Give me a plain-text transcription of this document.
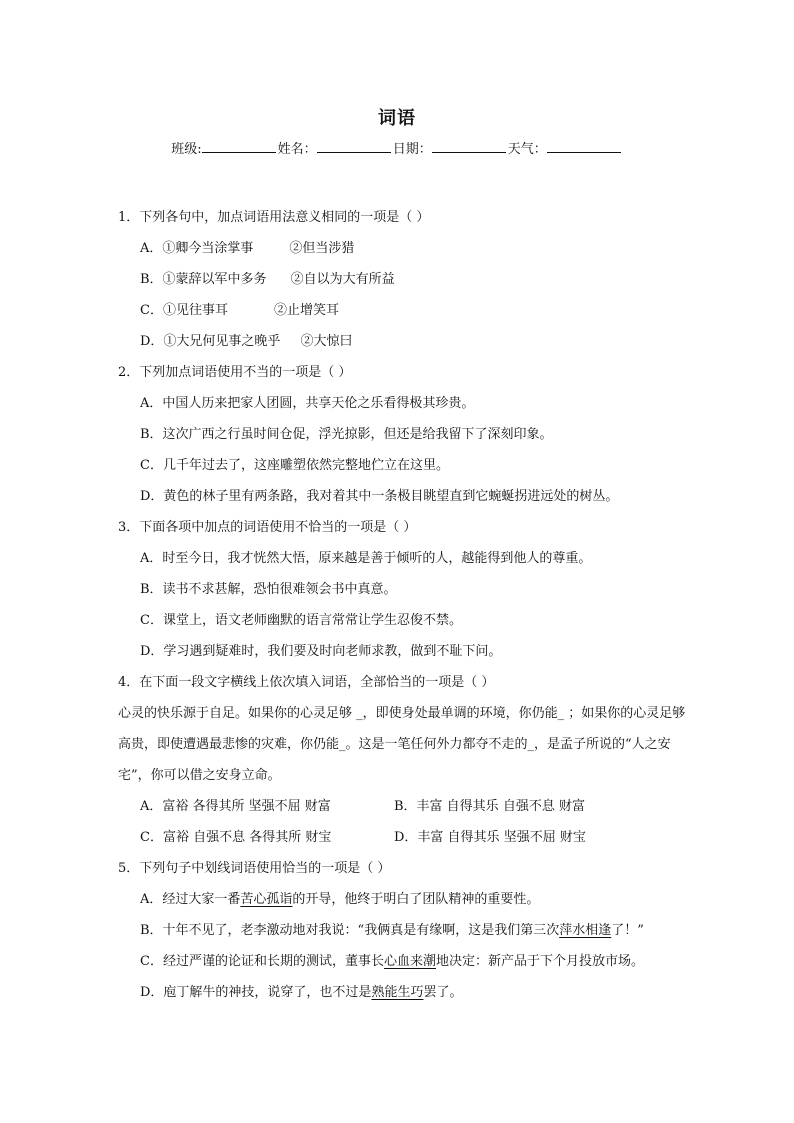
词语
班级:	姓名：	日期：	天气：
1．下列各句中，加点词语用法意义相同的一项是（ ）
A．①卿今当涂掌事	②但当涉猎
B．①蒙辞以军中多务 ②自以为大有所益
C．①见往事耳	②止增笑耳
D．①大兄何见事之晚乎 ②大惊曰
2．下列加点词语使用不当的一项是（ ）
A．中国人历来把家人团圆，共享天伦之乐看得极其珍贵。
B．这次广西之行虽时间仓促，浮光掠影，但还是给我留下了深刻印象。
C．几千年过去了，这座雕塑依然完整地伫立在这里。
D．黄色的林子里有两条路，我对着其中一条极目眺望直到它蜿蜒拐进远处的树丛。
3．下面各项中加点的词语使用不恰当的一项是（ ）
A．时至今日，我才恍然大悟，原来越是善于倾听的人，越能得到他人的尊重。
B．读书不求甚解，恐怕很难领会书中真意。
C．课堂上，语文老师幽默的语言常常让学生忍俊不禁。
D．学习遇到疑难时，我们要及时向老师求教，做到不耻下问。
4．在下面一段文字横线上依次填入词语，全部恰当的一项是（ ）
心灵的快乐源于自足。如果你的心灵足够 _，即使身处最单调的环境，你仍能_ ；如果你的心灵足够高贵，即使遭遇最悲惨的灾难，你仍能_。这是一笔任何外力都夺不走的_，是孟子所说的“人之安宅”，你可以借之安身立命。
A．富裕 各得其所 坚强不屈 财富	B．丰富 自得其乐 自强不息 财富
C．富裕 自强不息 各得其所 财宝	D．丰富 自得其乐 坚强不屈 财宝
5．下列句子中划线词语使用恰当的一项是（ ）
A．经过大家一番苦心孤诣的开导，他终于明白了团队精神的重要性。
B．十年不见了，老李激动地对我说：“我俩真是有缘啊，这是我们第三次萍水相逢了！”
C．经过严谨的论证和长期的测试，董事长心血来潮地决定：新产品于下个月投放市场。
D．庖丁解牛的神技，说穿了，也不过是熟能生巧罢了。
